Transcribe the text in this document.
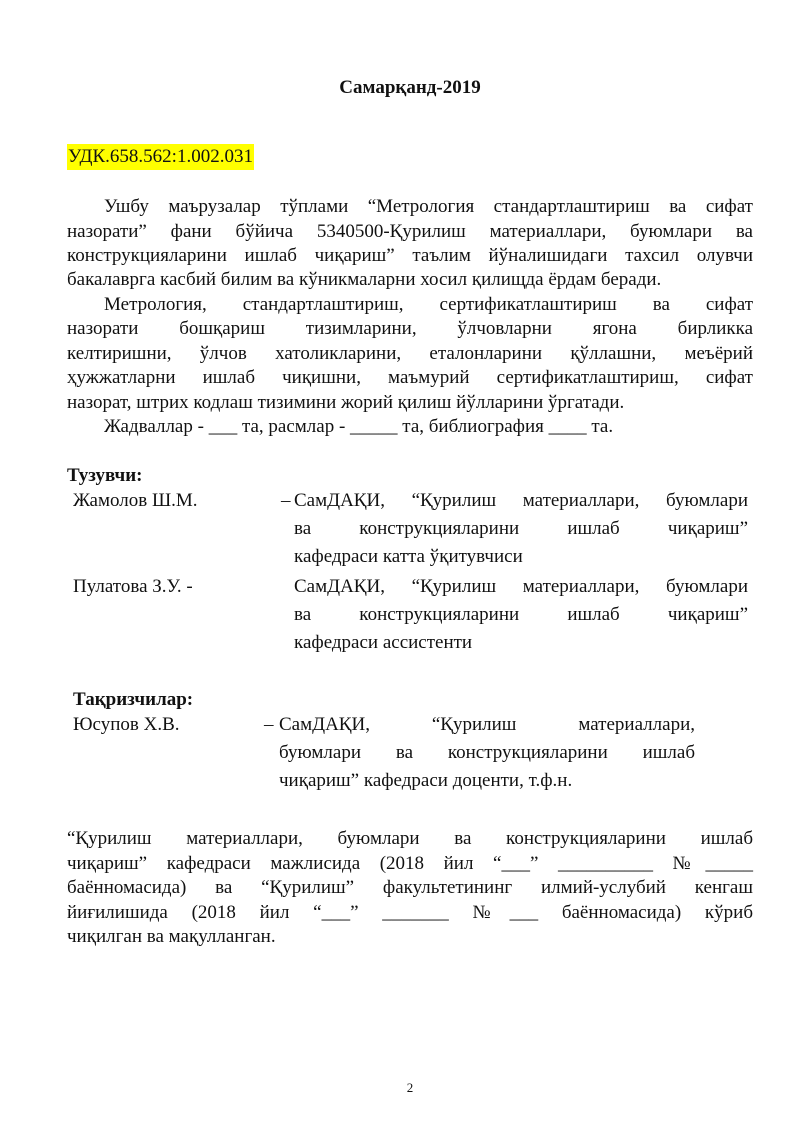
Самарқанд-2019
УДК.658.562:1.002.031
Ушбу маърузалар тўплами “Метрология стандартлаштириш ва сифат
назорати” фани бўйича 5340500-Қурилиш материаллари, буюмлари ва
конструкцияларини ишлаб чиқариш” таълим йўналишидаги тахсил олувчи
бакалаврга касбий билим ва кўникмаларни хосил қилищда ёрдам беради.
Метрология, стандартлаштириш, сертификатлаштириш ва сифат
назорати бошқариш тизимларини, ўлчовларни ягона бирликка
келтиришни, ўлчов хатоликларини, еталонларини қўллашни, меъёрий
ҳужжатларни ишлаб чиқишни, маъмурий сертификатлаштириш, сифат
назорат, штрих кодлаш тизимини жорий қилиш йўлларини ўргатади.
Жадваллар - ___ та, расмлар - _____ та, библиография ____ та.
Тузувчи:
Жамолов Ш.М.	– СамДАҚИ, “Қурилиш материаллари, буюмлари
ва конструкцияларини ишлаб чиқариш”
кафедраси катта ўқитувчиси
Пулатова З.У. -	СамДАҚИ, “Қурилиш материаллари, буюмлари
ва конструкцияларини ишлаб чиқариш”
кафедраси ассистенти
Тақризчилар:
Юсупов Х.В.	– СамДАҚИ, “Қурилиш материаллари,
буюмлари ва конструкцияларини ишлаб
чиқариш” кафедраси доценти, т.ф.н.
“Қурилиш материаллари, буюмлари ва конструкцияларини ишлаб
чиқариш” кафедраси мажлисида (2018 йил “___” __________ №_____
баённомасида) ва “Қурилиш” факультетининг илмий-услубий кенгаш
йиғилишида (2018 йил “___” _______ №___ баённомасида) кўриб
чиқилган ва мақулланган.
2
